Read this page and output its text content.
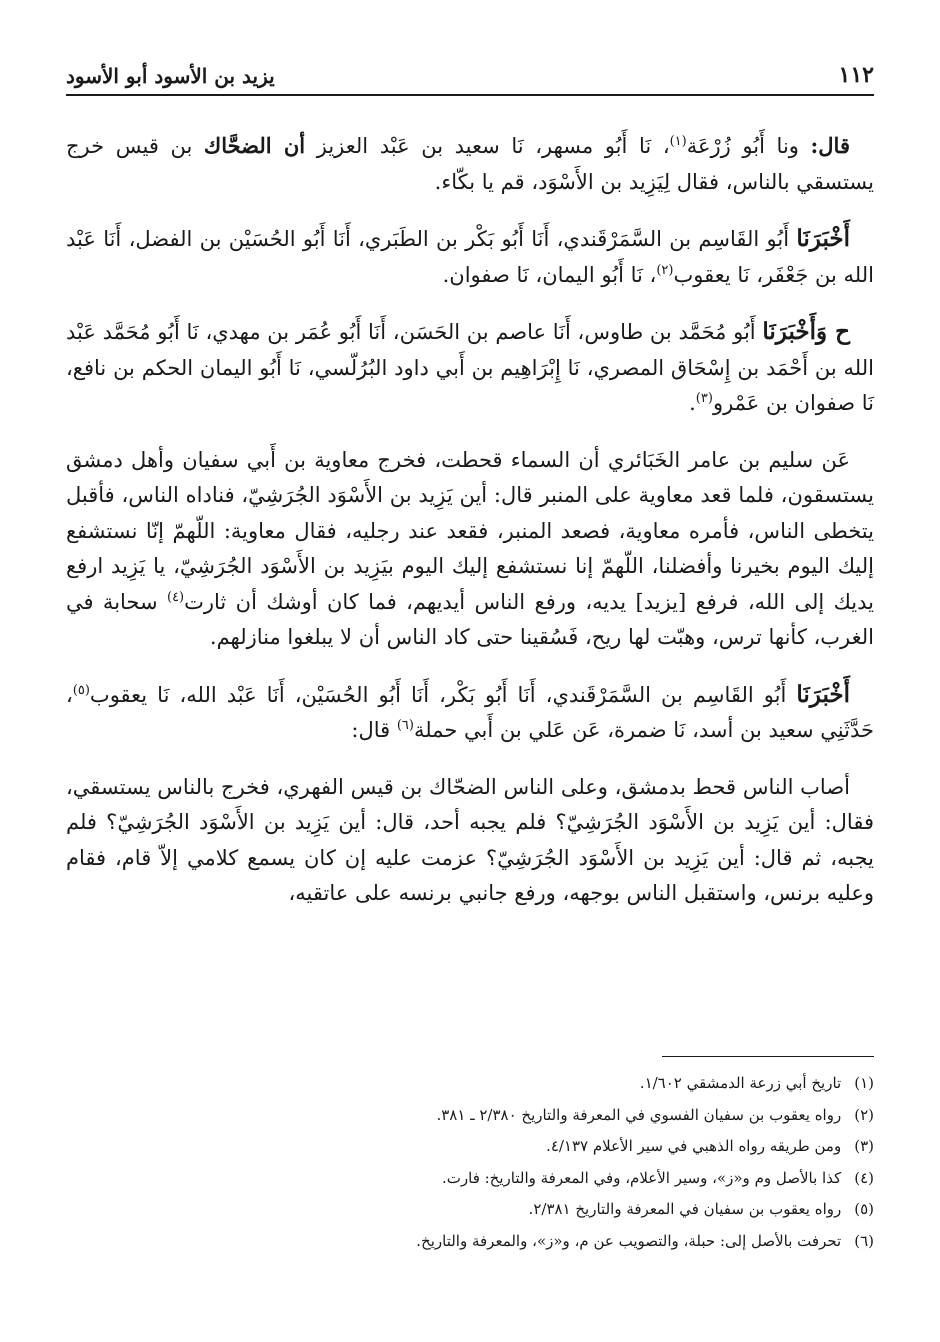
١١٢
يزيد بن الأسود أبو الأسود

قال: ونا أَبُو زُرْعَة$^{(١)}$، نَا أَبُو مسهر، نَا سعيد بن عَبْد العزيز أن الضحَّاك بن قيس خرج يستسقي بالناس، فقال لِيَزِيد بن الأَسْوَد، قم يا بكّاء.

أَخْبَرَنَا أَبُو القَاسِم بن السَّمَرْقَندي، أَنَا أَبُو بَكْر بن الطَبَري، أَنَا أَبُو الحُسَيْن بن الفضل، أَنَا عَبْد الله بن جَعْفَر، نَا يعقوب$^{(٢)}$، نَا أَبُو اليمان، نَا صفوان.

ح وَأَخْبَرَنَا أَبُو مُحَمَّد بن طاوس، أَنَا عاصم بن الحَسَن، أَنَا أَبُو عُمَر بن مهدي، نَا أَبُو مُحَمَّد عَبْد الله بن أَحْمَد بن إِسْحَاق المصري، نَا إِبْرَاهِيم بن أَبي داود البُرُلّسي، نَا أَبُو اليمان الحكم بن نافع، نَا صفوان بن عَمْرو$^{(٣)}$.

عَن سليم بن عامر الخَبَائري أن السماء قحطت، فخرج معاوية بن أَبي سفيان وأهل دمشق يستسقون، فلما قعد معاوية على المنبر قال: أين يَزِيد بن الأَسْوَد الجُرَشِيّ، فناداه الناس، فأقبل يتخطى الناس، فأمره معاوية، فصعد المنبر، فقعد عند رجليه، فقال معاوية: اللّهمّ إنّا نستشفع إليك اليوم بخيرنا وأفضلنا، اللّهمّ إنا نستشفع إليك اليوم بيَزِيد بن الأَسْوَد الجُرَشِيّ، يا يَزِيد ارفع يديك إلى الله، فرفع [يزيد] يديه، ورفع الناس أيديهم، فما كان أوشك أن ثارت$^{(٤)}$ سحابة في الغرب، كأنها ترس، وهبّت لها ريح، فَسُقينا حتى كاد الناس أن لا يبلغوا منازلهم.

أَخْبَرَنَا أَبُو القَاسِم بن السَّمَرْقَندي، أَنَا أَبُو بَكْر، أَنَا أَبُو الحُسَيْن، أَنَا عَبْد الله، نَا يعقوب$^{(٥)}$، حَدَّثَنِي سعيد بن أسد، نَا ضمرة، عَن عَلي بن أَبي حملة$^{(٦)}$ قال:

أصاب الناس قحط بدمشق، وعلى الناس الضحّاك بن قيس الفهري، فخرج بالناس يستسقي، فقال: أين يَزِيد بن الأَسْوَد الجُرَشِيّ؟ فلم يجبه أحد، قال: أين يَزِيد بن الأَسْوَد الجُرَشِيّ؟ فلم يجبه، ثم قال: أين يَزِيد بن الأَسْوَد الجُرَشِيّ؟ عزمت عليه إن كان يسمع كلامي إلاّ قام، فقام وعليه برنس، واستقبل الناس بوجهه، ورفع جانبي برنسه على عاتقيه،

(١) تاريخ أبي زرعة الدمشقي ١/٦٠٢.

(٢) رواه يعقوب بن سفيان الفسوي في المعرفة والتاريخ ٢/٣٨٠ ـ ٣٨١.

(٣) ومن طريقه رواه الذهبي في سير الأعلام ٤/١٣٧.

(٤) كذا بالأصل وم و«ز»، وسير الأعلام، وفي المعرفة والتاريخ: فارت.

(٥) رواه يعقوب بن سفيان في المعرفة والتاريخ ٢/٣٨١.

(٦) تحرفت بالأصل إلى: حبلة، والتصويب عن م، و«ز»، والمعرفة والتاريخ.
